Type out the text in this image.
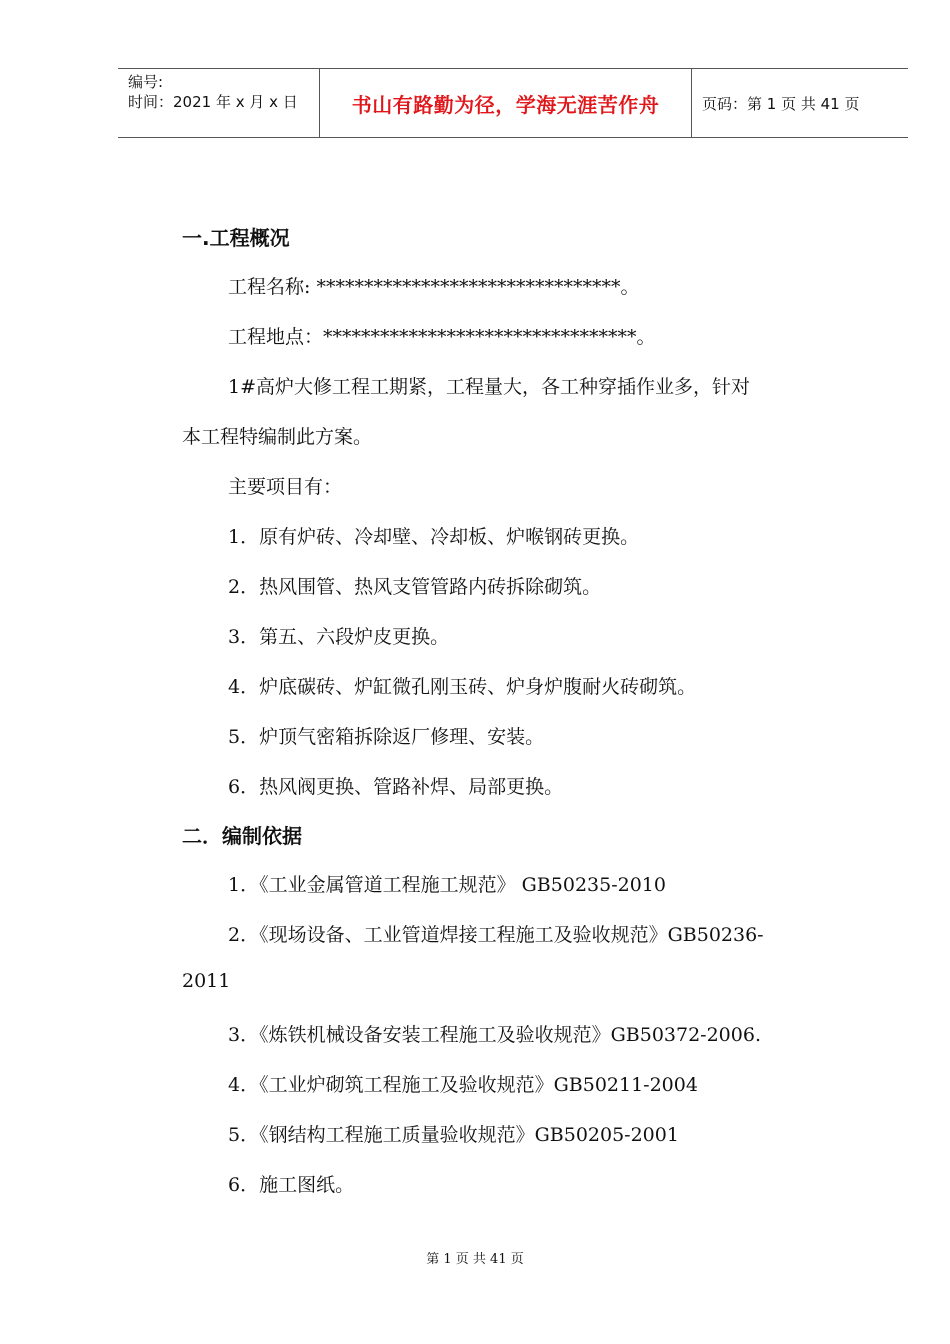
编号:
时间：2021 年 x 月 x 日	书山有路勤为径，学海无涯苦作舟	页码：第 1 页 共 41 页
一.工程概况
工程名称: ********************************。
工程地点：*********************************。
1#高炉大修工程工期紧，工程量大，各工种穿插作业多，针对
本工程特编制此方案。
主要项目有：
1．原有炉砖、冷却壁、冷却板、炉喉钢砖更换。
2．热风围管、热风支管管路内砖拆除砌筑。
3．第五、六段炉皮更换。
4．炉底碳砖、炉缸微孔刚玉砖、炉身炉腹耐火砖砌筑。
5．炉顶气密箱拆除返厂修理、安装。
6．热风阀更换、管路补焊、局部更换。
二．编制依据
1．《工业金属管道工程施工规范》 GB50235-2010
2．《现场设备、工业管道焊接工程施工及验收规范》GB50236-
2011
3．《炼铁机械设备安装工程施工及验收规范》GB50372-2006.
4．《工业炉砌筑工程施工及验收规范》GB50211-2004
5．《钢结构工程施工质量验收规范》GB50205-2001
6．施工图纸。
第 1 页 共 41 页
